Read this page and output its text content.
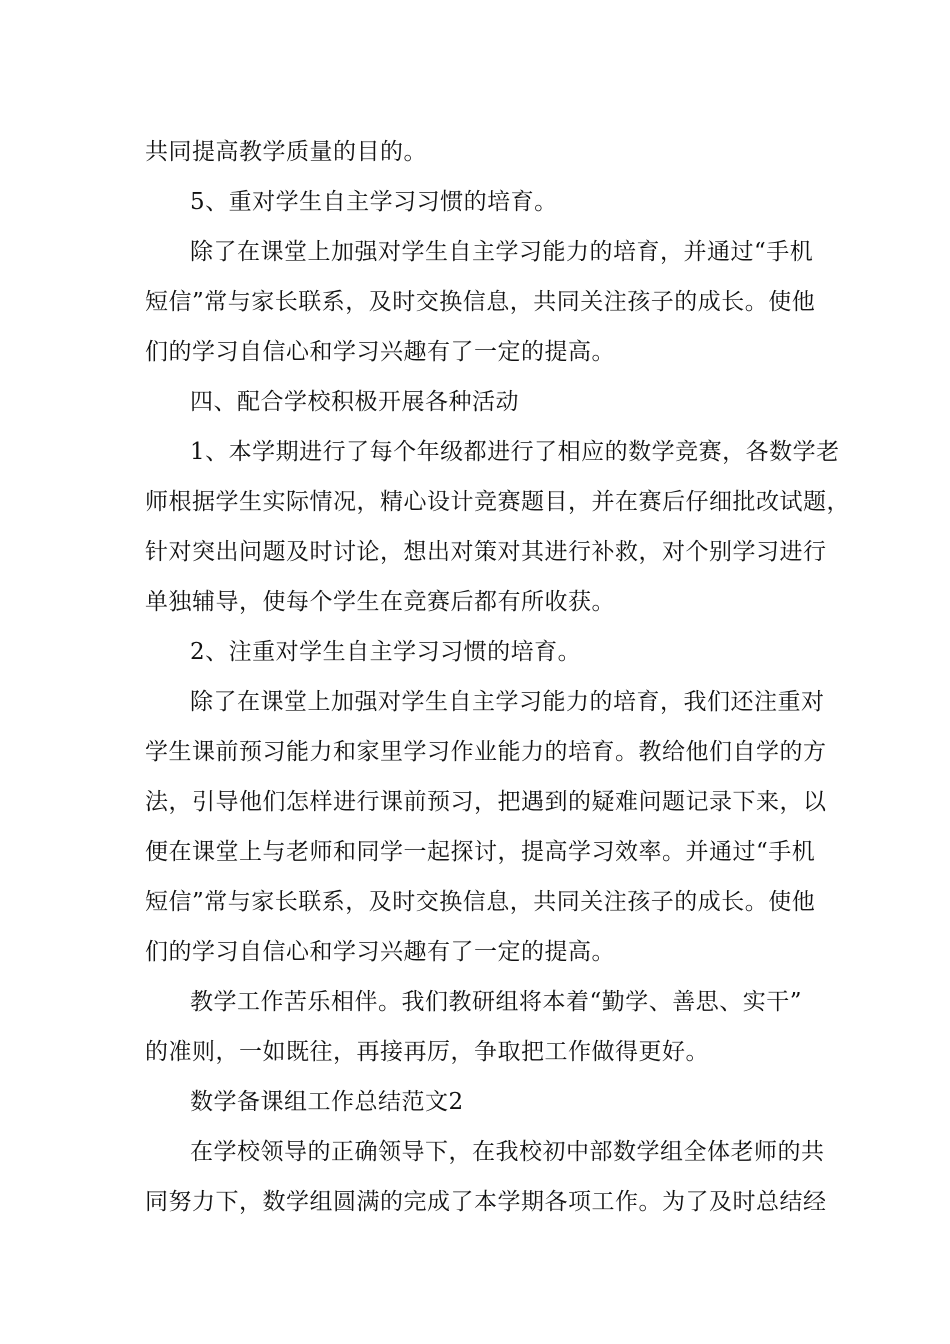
共同提高教学质量的目的。
5、重对学生自主学习习惯的培育。
除了在课堂上加强对学生自主学习能力的培育，并通过“手机
短信”常与家长联系，及时交换信息，共同关注孩子的成长。使他
们的学习自信心和学习兴趣有了一定的提高。
四、配合学校积极开展各种活动
1、本学期进行了每个年级都进行了相应的数学竞赛，各数学老
师根据学生实际情况，精心设计竞赛题目，并在赛后仔细批改试题，
针对突出问题及时讨论，想出对策对其进行补救，对个别学习进行
单独辅导，使每个学生在竞赛后都有所收获。
2、注重对学生自主学习习惯的培育。
除了在课堂上加强对学生自主学习能力的培育，我们还注重对
学生课前预习能力和家里学习作业能力的培育。教给他们自学的方
法，引导他们怎样进行课前预习，把遇到的疑难问题记录下来，以
便在课堂上与老师和同学一起探讨，提高学习效率。并通过“手机
短信”常与家长联系，及时交换信息，共同关注孩子的成长。使他
们的学习自信心和学习兴趣有了一定的提高。
教学工作苦乐相伴。我们教研组将本着“勤学、善思、实干”
的准则，一如既往，再接再厉，争取把工作做得更好。
数学备课组工作总结范文2
在学校领导的正确领导下，在我校初中部数学组全体老师的共
同努力下，数学组圆满的完成了本学期各项工作。为了及时总结经
